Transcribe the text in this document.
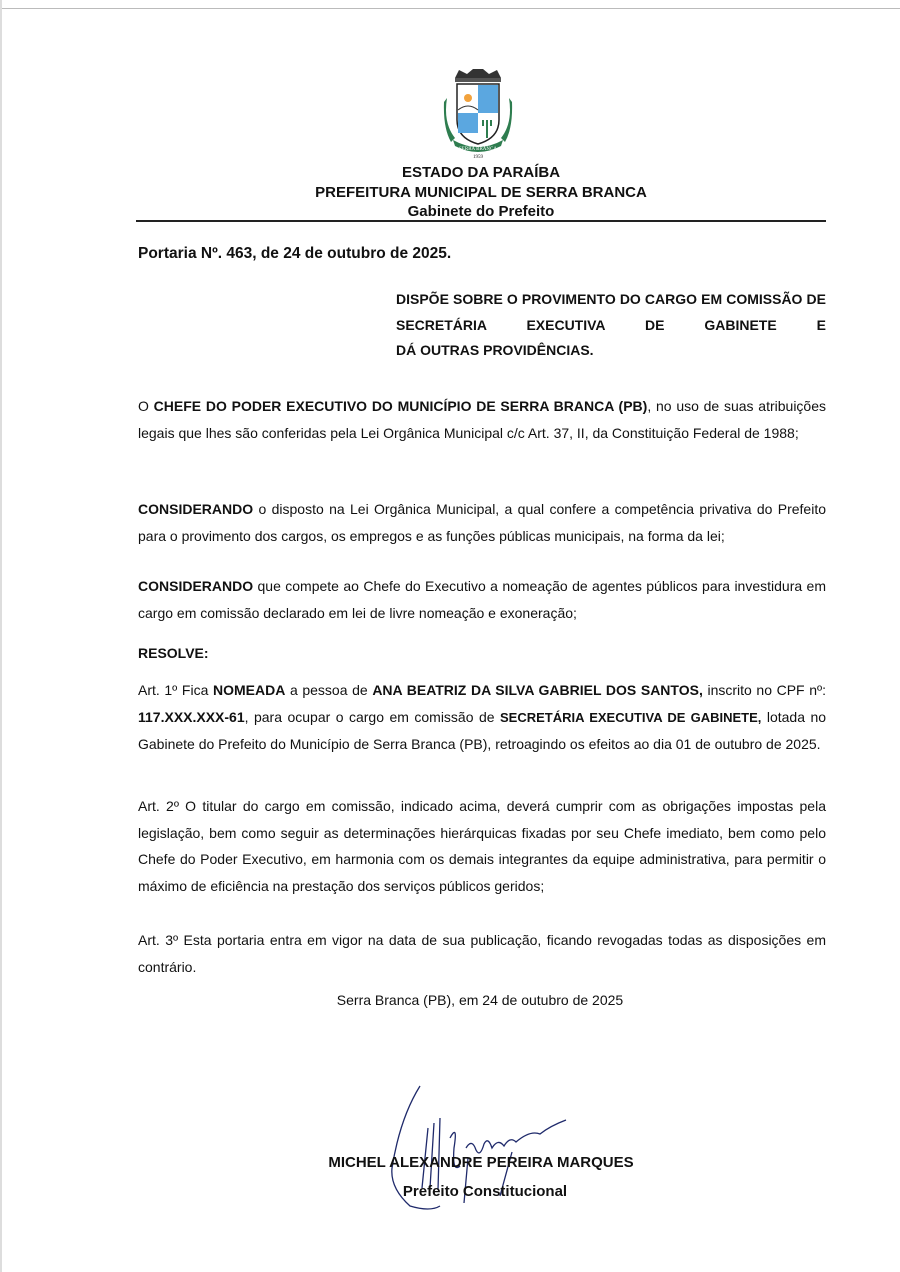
SERRA BRANCA
1959
ESTADO DA PARAÍBA
PREFEITURA MUNICIPAL DE SERRA BRANCA
Gabinete do Prefeito
Portaria Nº. 463, de 24 de outubro de 2025.
DISPÕE SOBRE O PROVIMENTO DO CARGO EM COMISSÃO DE SECRETÁRIA EXECUTIVA DE GABINETE E
DÁ OUTRAS PROVIDÊNCIAS.
O CHEFE DO PODER EXECUTIVO DO MUNICÍPIO DE SERRA BRANCA (PB), no uso de suas atribuições legais que lhes são conferidas pela Lei Orgânica Municipal c/c Art. 37, II, da Constituição Federal de 1988;
CONSIDERANDO o disposto na Lei Orgânica Municipal, a qual confere a competência privativa do Prefeito para o provimento dos cargos, os empregos e as funções públicas municipais, na forma da lei;
CONSIDERANDO que compete ao Chefe do Executivo a nomeação de agentes públicos para investidura em cargo em comissão declarado em lei de livre nomeação e exoneração;
RESOLVE:
Art. 1º Fica NOMEADA a pessoa de ANA BEATRIZ DA SILVA GABRIEL DOS SANTOS, inscrito no CPF nº: 117.XXX.XXX-61, para ocupar o cargo em comissão de SECRETÁRIA EXECUTIVA DE GABINETE, lotada no Gabinete do Prefeito do Município de Serra Branca (PB), retroagindo os efeitos ao dia 01 de outubro de 2025.
Art. 2º O titular do cargo em comissão, indicado acima, deverá cumprir com as obrigações impostas pela legislação, bem como seguir as determinações hierárquicas fixadas por seu Chefe imediato, bem como pelo Chefe do Poder Executivo, em harmonia com os demais integrantes da equipe administrativa, para permitir o máximo de eficiência na prestação dos serviços públicos geridos;
Art. 3º Esta portaria entra em vigor na data de sua publicação, ficando revogadas todas as disposições em contrário.
Serra Branca (PB), em 24 de outubro de 2025
MICHEL ALEXANDRE PEREIRA MARQUES
Prefeito Constitucional
